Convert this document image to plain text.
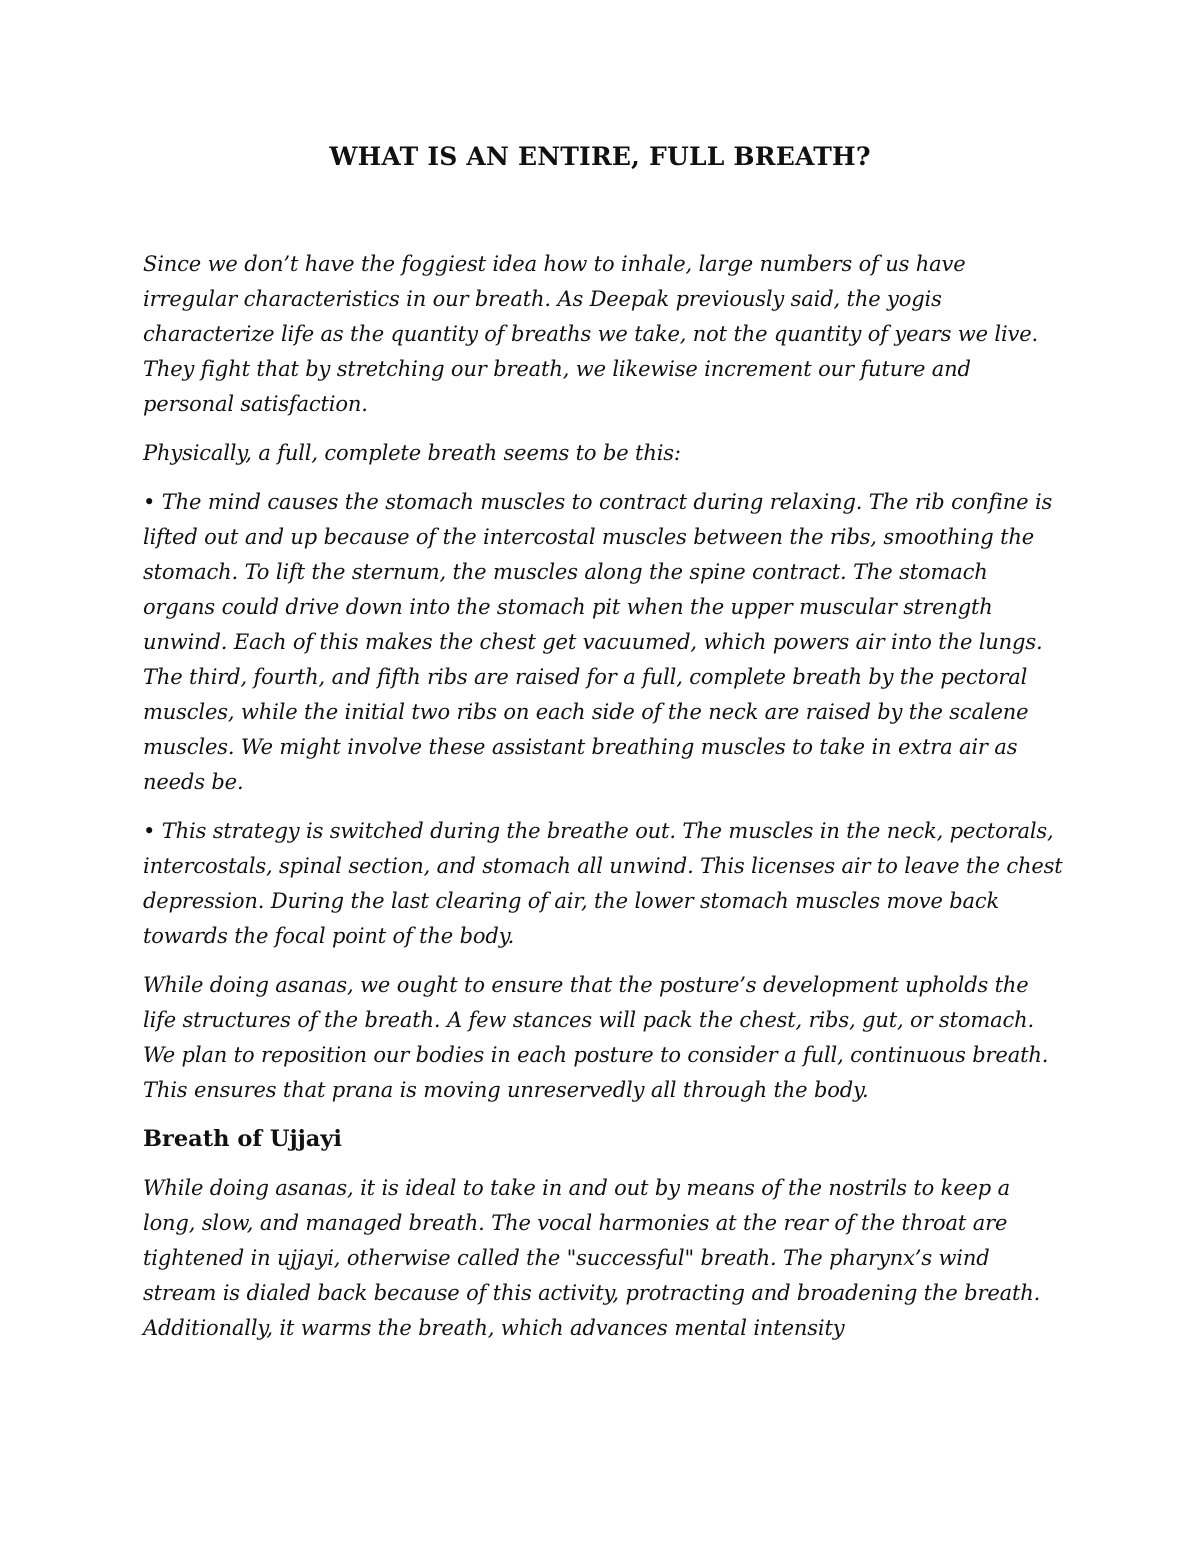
WHAT IS AN ENTIRE, FULL BREATH?

Since we don’t have the foggiest idea how to inhale, large numbers of us have irregular characteristics in our breath. As Deepak previously said, the yogis characterize life as the quantity of breaths we take, not the quantity of years we live. They fight that by stretching our breath, we likewise increment our future and personal satisfaction.

Physically, a full, complete breath seems to be this:

• The mind causes the stomach muscles to contract during relaxing. The rib confine is lifted out and up because of the intercostal muscles between the ribs, smoothing the stomach. To lift the sternum, the muscles along the spine contract. The stomach organs could drive down into the stomach pit when the upper muscular strength unwind. Each of this makes the chest get vacuumed, which powers air into the lungs. The third, fourth, and fifth ribs are raised for a full, complete breath by the pectoral muscles, while the initial two ribs on each side of the neck are raised by the scalene muscles. We might involve these assistant breathing muscles to take in extra air as needs be.

• This strategy is switched during the breathe out. The muscles in the neck, pectorals, intercostals, spinal section, and stomach all unwind. This licenses air to leave the chest depression. During the last clearing of air, the lower stomach muscles move back towards the focal point of the body.

While doing asanas, we ought to ensure that the posture’s development upholds the life structures of the breath. A few stances will pack the chest, ribs, gut, or stomach. We plan to reposition our bodies in each posture to consider a full, continuous breath. This ensures that prana is moving unreservedly all through the body.

Breath of Ujjayi

While doing asanas, it is ideal to take in and out by means of the nostrils to keep a long, slow, and managed breath. The vocal harmonies at the rear of the throat are tightened in ujjayi, otherwise called the "successful" breath. The pharynx’s wind stream is dialed back because of this activity, protracting and broadening the breath. Additionally, it warms the breath, which advances mental intensity
